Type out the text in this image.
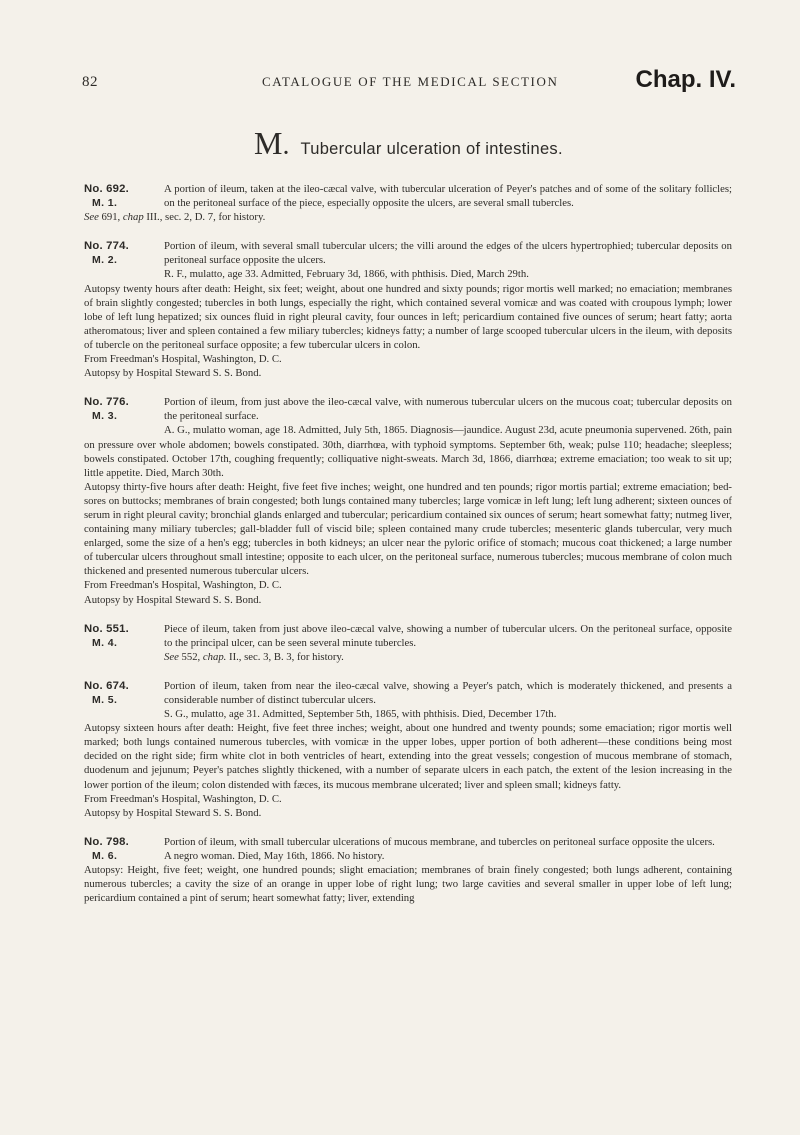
82	CATALOGUE OF THE MEDICAL SECTION	Chap. IV.
M. Tubercular ulceration of intestines.
No. 692.
M. 1.

A portion of ileum, taken at the ileo-cæcal valve, with tubercular ulceration of Peyer's patches and of some of the solitary follicles; on the peritoneal surface of the piece, especially opposite the ulcers, are several small tubercles.

See 691, chap III., sec. 2, D. 7, for history.

No. 774.
M. 2.

Portion of ileum, with several small tubercular ulcers; the villi around the edges of the ulcers hypertrophied; tubercular deposits on peritoneal surface opposite the ulcers.

R. F., mulatto, age 33. Admitted, February 3d, 1866, with phthisis. Died, March 29th.

Autopsy twenty hours after death: Height, six feet; weight, about one hundred and sixty pounds; rigor mortis well marked; no emaciation; membranes of brain slightly congested; tubercles in both lungs, especially the right, which contained several vomicæ and was coated with croupous lymph; lower lobe of left lung hepatized; six ounces fluid in right pleural cavity, four ounces in left; pericardium contained five ounces of serum; heart fatty; aorta atheromatous; liver and spleen contained a few miliary tubercles; kidneys fatty; a number of large scooped tubercular ulcers in the ileum, with deposits of tubercle on the peritoneal surface opposite; a few tubercular ulcers in colon.

From Freedman's Hospital, Washington, D. C.

Autopsy by Hospital Steward S. S. Bond.

No. 776.
M. 3.

Portion of ileum, from just above the ileo-cæcal valve, with numerous tubercular ulcers on the mucous coat; tubercular deposits on the peritoneal surface.

A. G., mulatto woman, age 18. Admitted, July 5th, 1865. Diagnosis—jaundice. August 23d, acute pneumonia supervened. 26th, pain on pressure over whole abdomen; bowels constipated. 30th, diarrhœa, with typhoid symptoms. September 6th, weak; pulse 110; headache; sleepless; bowels constipated. October 17th, coughing frequently; colliquative night-sweats. March 3d, 1866, diarrhœa; extreme emaciation; too weak to sit up; little appetite. Died, March 30th.

Autopsy thirty-five hours after death: Height, five feet five inches; weight, one hundred and ten pounds; rigor mortis partial; extreme emaciation; bed-sores on buttocks; membranes of brain congested; both lungs contained many tubercles; large vomicæ in left lung; left lung adherent; sixteen ounces of serum in right pleural cavity; bronchial glands enlarged and tubercular; pericardium contained six ounces of serum; heart somewhat fatty; nutmeg liver, containing many miliary tubercles; gall-bladder full of viscid bile; spleen contained many crude tubercles; mesenteric glands tubercular, very much enlarged, some the size of a hen's egg; tubercles in both kidneys; an ulcer near the pyloric orifice of stomach; mucous coat thickened; a large number of tubercular ulcers throughout small intestine; opposite to each ulcer, on the peritoneal surface, numerous tubercles; mucous membrane of colon much thickened and presented numerous tubercular ulcers.

From Freedman's Hospital, Washington, D. C.

Autopsy by Hospital Steward S. S. Bond.

No. 551.
M. 4.

Piece of ileum, taken from just above ileo-cæcal valve, showing a number of tubercular ulcers. On the peritoneal surface, opposite to the principal ulcer, can be seen several minute tubercles.

See 552, chap. II., sec. 3, B. 3, for history.

No. 674.
M. 5.

Portion of ileum, taken from near the ileo-cæcal valve, showing a Peyer's patch, which is moderately thickened, and presents a considerable number of distinct tubercular ulcers.

S. G., mulatto, age 31. Admitted, September 5th, 1865, with phthisis. Died, December 17th.

Autopsy sixteen hours after death: Height, five feet three inches; weight, about one hundred and twenty pounds; some emaciation; rigor mortis well marked; both lungs contained numerous tubercles, with vomicæ in the upper lobes, upper portion of both adherent—these conditions being most decided on the right side; firm white clot in both ventricles of heart, extending into the great vessels; congestion of mucous membrane of stomach, duodenum and jejunum; Peyer's patches slightly thickened, with a number of separate ulcers in each patch, the extent of the lesion increasing in the lower portion of the ileum; colon distended with fæces, its mucous membrane ulcerated; liver and spleen small; kidneys fatty.

From Freedman's Hospital, Washington, D. C.

Autopsy by Hospital Steward S. S. Bond.

No. 798.
M. 6.

Portion of ileum, with small tubercular ulcerations of mucous membrane, and tubercles on peritoneal surface opposite the ulcers.

A negro woman. Died, May 16th, 1866. No history.

Autopsy: Height, five feet; weight, one hundred pounds; slight emaciation; membranes of brain finely congested; both lungs adherent, containing numerous tubercles; a cavity the size of an orange in upper lobe of right lung; two large cavities and several smaller in upper lobe of left lung; pericardium contained a pint of serum; heart somewhat fatty; liver, extending
